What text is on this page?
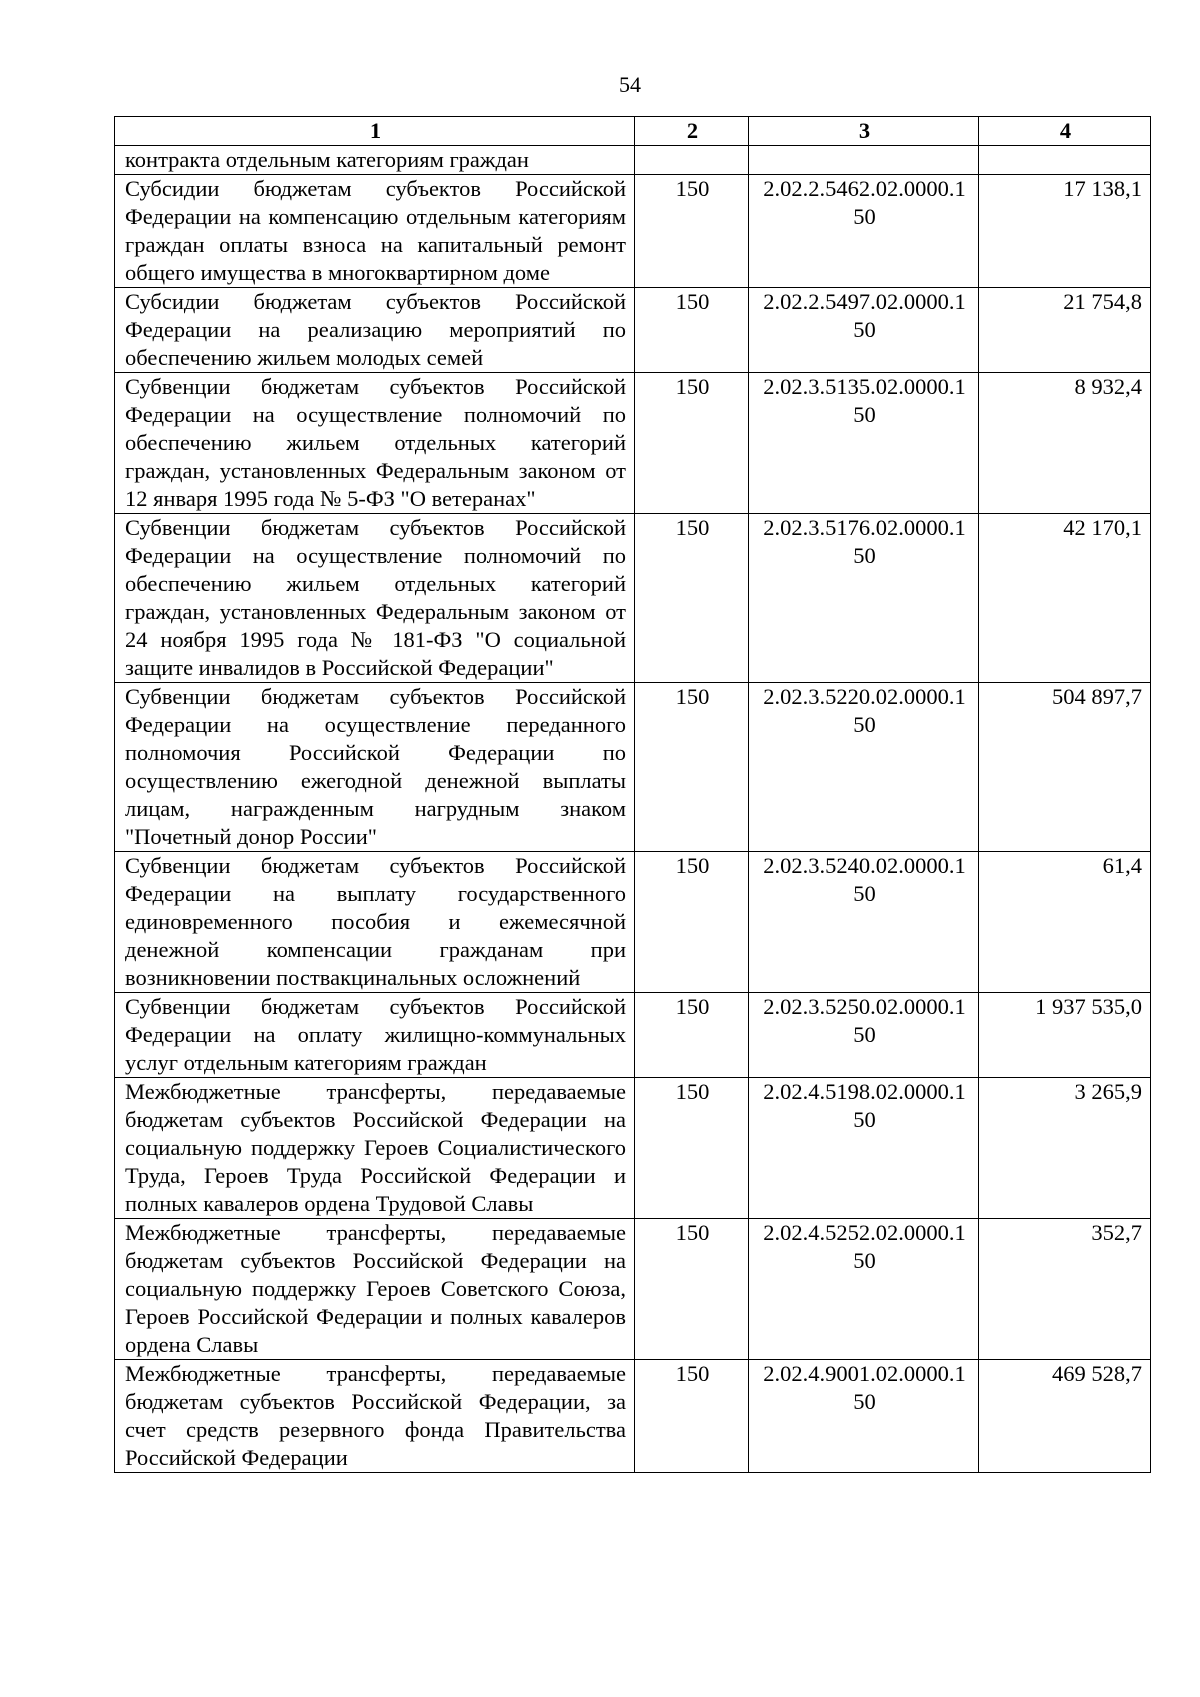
54
1	2	3	4
контракта отдельным категориям граждан			
Субсидии бюджетам субъектов Российской Федерации на компенсацию отдельным категориям граждан оплаты взноса на капитальный ремонт общего имущества в многоквартирном доме	150	2.02.2.5462.02.0000.150	17 138,1
Субсидии бюджетам субъектов Российской Федерации на реализацию мероприятий по обеспечению жильем молодых семей	150	2.02.2.5497.02.0000.150	21 754,8
Субвенции бюджетам субъектов Российской Федерации на осуществление полномочий по обеспечению жильем отдельных категорий граждан, установленных Федеральным законом от 12 января 1995 года № 5-ФЗ "О ветеранах"	150	2.02.3.5135.02.0000.150	8 932,4
Субвенции бюджетам субъектов Российской Федерации на осуществление полномочий по обеспечению жильем отдельных категорий граждан, установленных Федеральным законом от 24 ноября 1995 года № 181-ФЗ "О социальной защите инвалидов в Российской Федерации"	150	2.02.3.5176.02.0000.150	42 170,1
Субвенции бюджетам субъектов Российской Федерации на осуществление переданного полномочия Российской Федерации по осуществлению ежегодной денежной выплаты лицам, награжденным нагрудным знаком "Почетный донор России"	150	2.02.3.5220.02.0000.150	504 897,7
Субвенции бюджетам субъектов Российской Федерации на выплату государственного единовременного пособия и ежемесячной денежной компенсации гражданам при возникновении поствакцинальных осложнений	150	2.02.3.5240.02.0000.150	61,4
Субвенции бюджетам субъектов Российской Федерации на оплату жилищно-коммунальных услуг отдельным категориям граждан	150	2.02.3.5250.02.0000.150	1 937 535,0
Межбюджетные трансферты, передаваемые бюджетам субъектов Российской Федерации на социальную поддержку Героев Социалистического Труда, Героев Труда Российской Федерации и полных кавалеров ордена Трудовой Славы	150	2.02.4.5198.02.0000.150	3 265,9
Межбюджетные трансферты, передаваемые бюджетам субъектов Российской Федерации на социальную поддержку Героев Советского Союза, Героев Российской Федерации и полных кавалеров ордена Славы	150	2.02.4.5252.02.0000.150	352,7
Межбюджетные трансферты, передаваемые бюджетам субъектов Российской Федерации, за счет средств резервного фонда Правительства Российской Федерации	150	2.02.4.9001.02.0000.150	469 528,7
